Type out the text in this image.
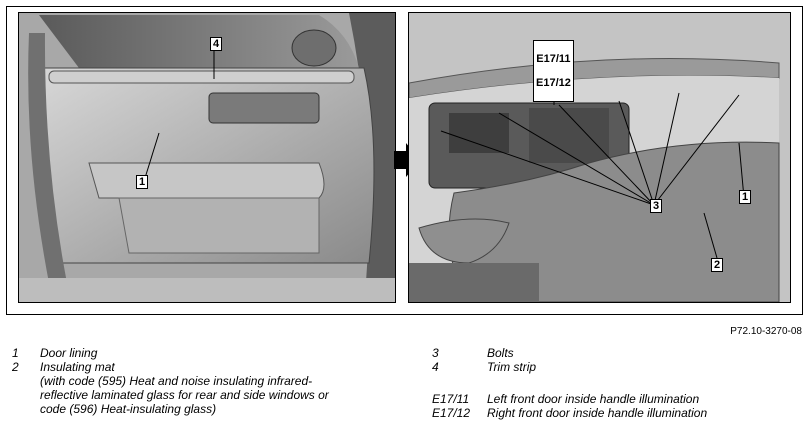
4
1

E17/11

E17/12

3
1
2
P72.10-3270-08
1 Door lining
2 Insulating mat
(with code (595) Heat and noise insulating infrared-
reflective laminated glass for rear and side windows or
code (596) Heat-insulating glass)
3	Bolts
4	Trim strip
E17/11 Left front door inside handle illumination
E17/12 Right front door inside handle illumination
